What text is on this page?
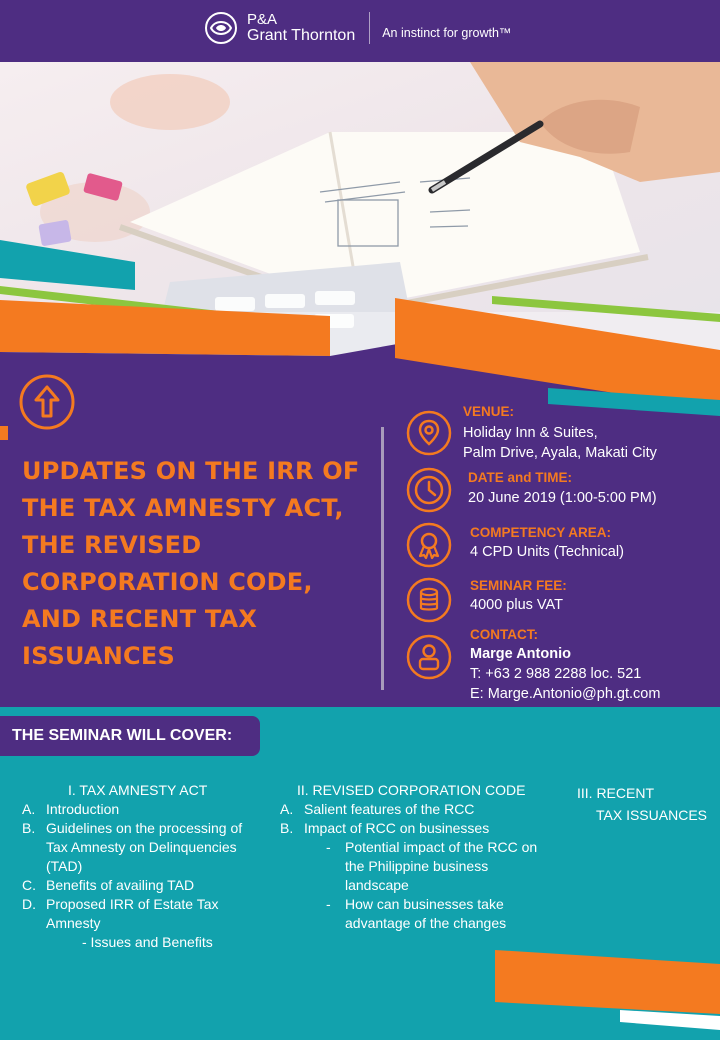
P&A
Grant Thornton An instinct for growth™
UPDATES ON THE IRR OF THE TAX AMNESTY ACT, THE REVISED CORPORATION CODE, AND RECENT TAX ISSUANCES
VENUE:
Holiday Inn & Suites,
Palm Drive, Ayala, Makati City
DATE and TIME:
20 June 2019 (1:00-5:00 PM)
COMPETENCY AREA:
4 CPD Units (Technical)
SEMINAR FEE:
4000 plus VAT
CONTACT:
Marge Antonio
T: +63 2 988 2288 loc. 521
E: Marge.Antonio@ph.gt.com
THE SEMINAR WILL COVER:
I. TAX AMNESTY ACT
A. Introduction
B. Guidelines on the processing of Tax Amnesty on Delinquencies (TAD)
C. Benefits of availing TAD
D. Proposed IRR of Estate Tax Amnesty
- Issues and Benefits
II. REVISED CORPORATION CODE
A. Salient features of the RCC
B. Impact of RCC on businesses
-	Potential impact of the RCC on the Philippine business landscape
-	How can businesses take advantage of the changes
III. RECENT
TAX ISSUANCES
